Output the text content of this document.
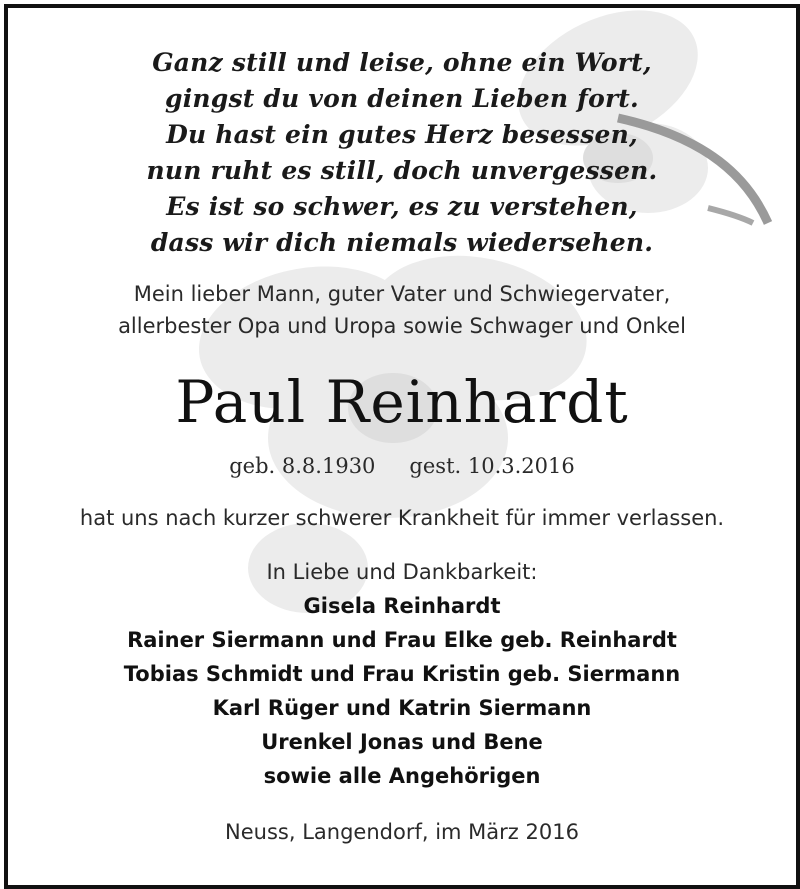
Ganz still und leise, ohne ein Wort,
gingst du von deinen Lieben fort.
Du hast ein gutes Herz besessen,
nun ruht es still, doch unvergessen.
Es ist so schwer, es zu verstehen,
dass wir dich niemals wiedersehen.
Mein lieber Mann, guter Vater und Schwiegervater,
allerbester Opa und Uropa sowie Schwager und Onkel
Paul Reinhardt
geb. 8.8.1930 gest. 10.3.2016
hat uns nach kurzer schwerer Krankheit für immer verlassen.
In Liebe und Dankbarkeit:
Gisela Reinhardt
Rainer Siermann und Frau Elke geb. Reinhardt
Tobias Schmidt und Frau Kristin geb. Siermann
Karl Rüger und Katrin Siermann
Urenkel Jonas und Bene
sowie alle Angehörigen
Neuss, Langendorf, im März 2016
